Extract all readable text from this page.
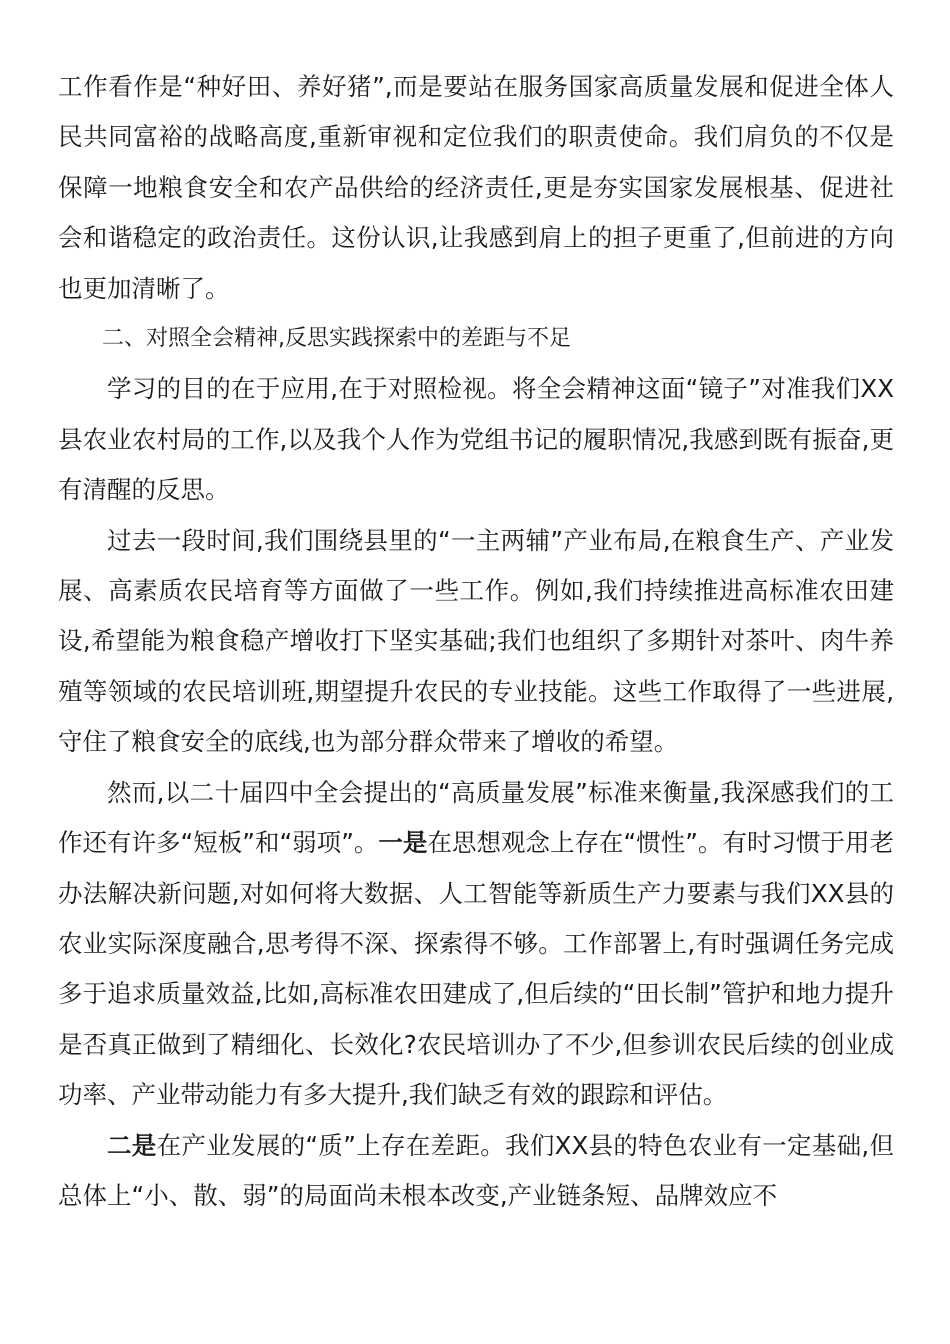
工作看作是“种好田、养好猪”,而是要站在服务国家高质量发展和促进全体人民共同富裕的战略高度,重新审视和定位我们的职责使命。我们肩负的不仅是保障一地粮食安全和农产品供给的经济责任,更是夯实国家发展根基、促进社会和谐稳定的政治责任。这份认识,让我感到肩上的担子更重了,但前进的方向也更加清晰了。

二、对照全会精神,反思实践探索中的差距与不足

学习的目的在于应用,在于对照检视。将全会精神这面“镜子”对准我们XX县农业农村局的工作,以及我个人作为党组书记的履职情况,我感到既有振奋,更有清醒的反思。

过去一段时间,我们围绕县里的“一主两辅”产业布局,在粮食生产、产业发展、高素质农民培育等方面做了一些工作。例如,我们持续推进高标准农田建设,希望能为粮食稳产增收打下坚实基础;我们也组织了多期针对茶叶、肉牛养殖等领域的农民培训班,期望提升农民的专业技能。这些工作取得了一些进展,守住了粮食安全的底线,也为部分群众带来了增收的希望。

然而,以二十届四中全会提出的“高质量发展”标准来衡量,我深感我们的工作还有许多“短板”和“弱项”。一是在思想观念上存在“惯性”。有时习惯于用老办法解决新问题,对如何将大数据、人工智能等新质生产力要素与我们XX县的农业实际深度融合,思考得不深、探索得不够。工作部署上,有时强调任务完成多于追求质量效益,比如,高标准农田建成了,但后续的“田长制”管护和地力提升是否真正做到了精细化、长效化?农民培训办了不少,但参训农民后续的创业成功率、产业带动能力有多大提升,我们缺乏有效的跟踪和评估。

二是在产业发展的“质”上存在差距。我们XX县的特色农业有一定基础,但总体上“小、散、弱”的局面尚未根本改变,产业链条短、品牌效应不
